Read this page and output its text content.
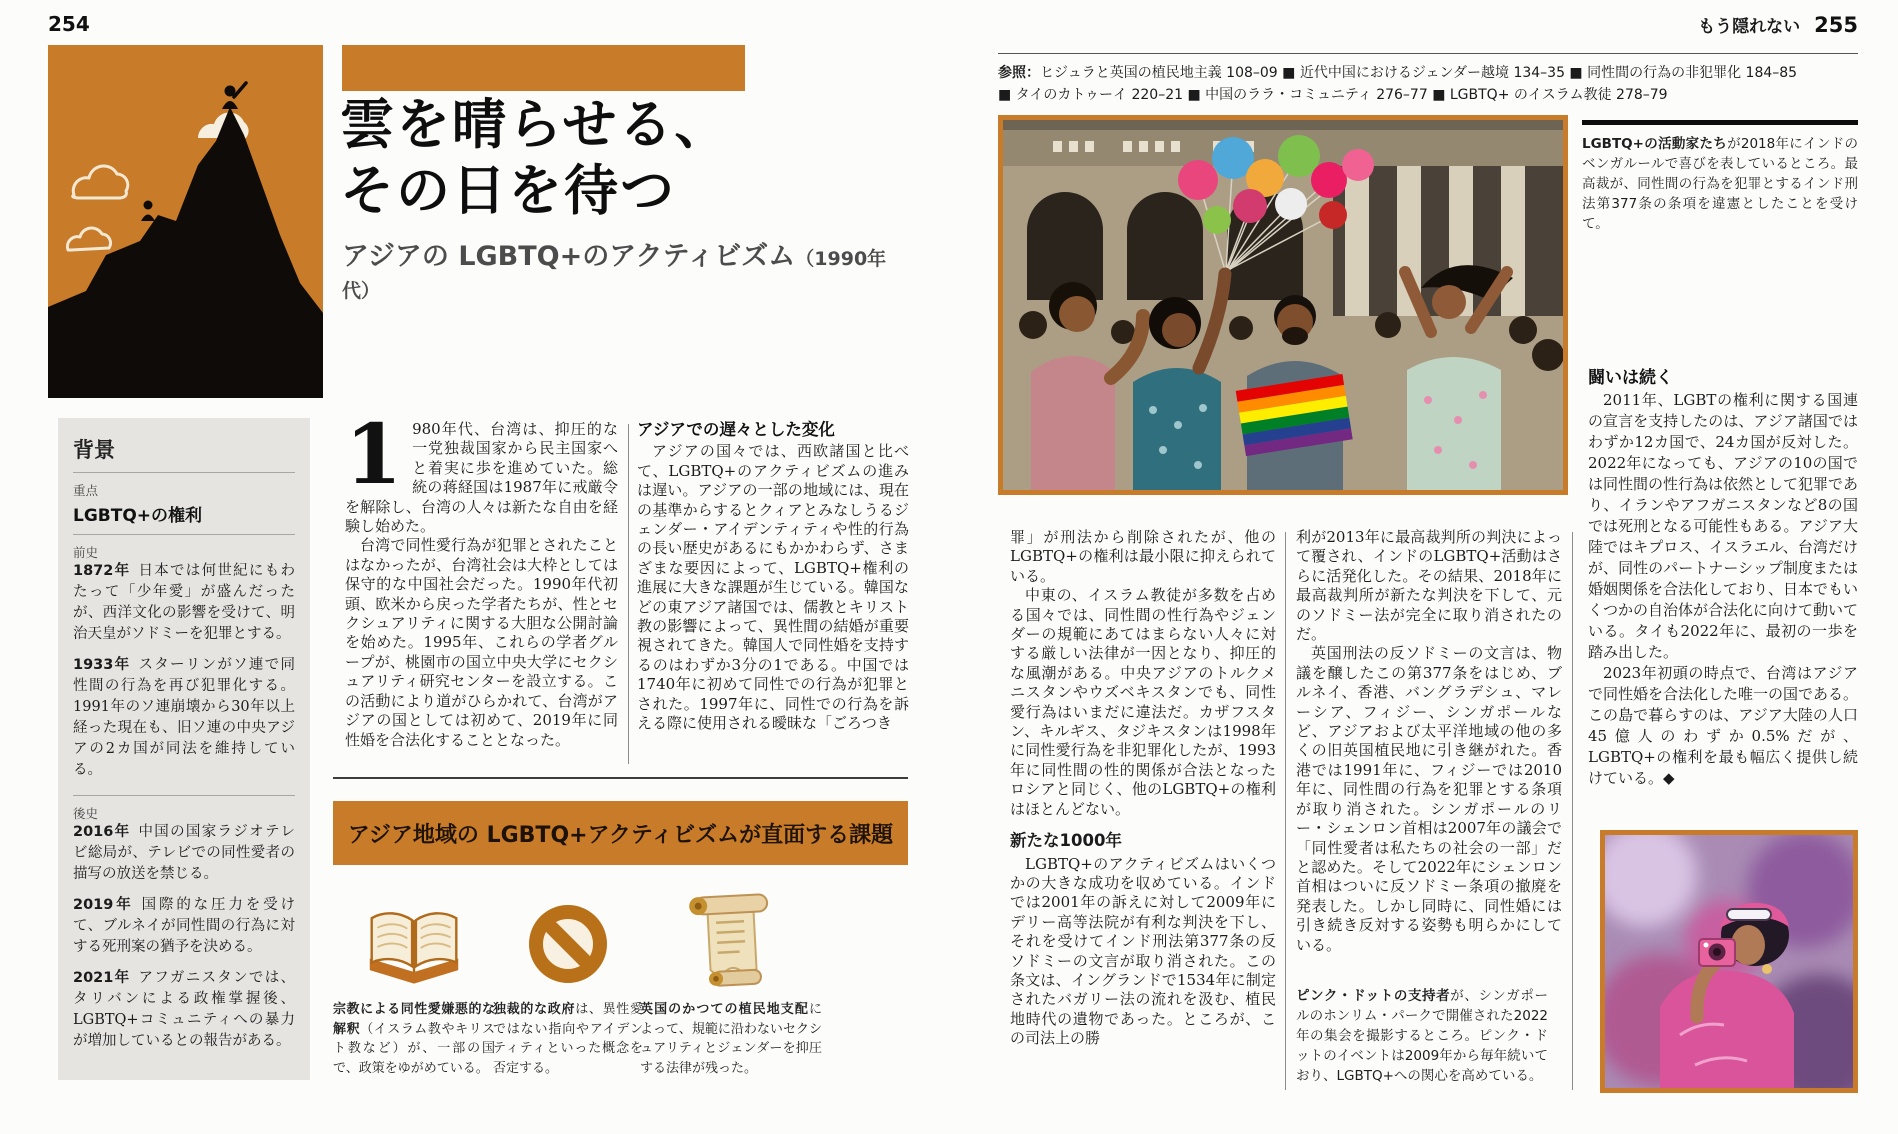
254
雲を晴らせる、
その日を待つ
アジアの LGBTQ+のアクティビズム（1990年代）
背景
重点
LGBTQ+の権利
前史

1872年 日本では何世紀にもわたって「少年愛」が盛んだったが、西洋文化の影響を受けて、明治天皇がソドミーを犯罪とする。

1933年 スターリンがソ連で同性間の行為を再び犯罪化する。1991年のソ連崩壊から30年以上経った現在も、旧ソ連の中央アジアの2カ国が同法を維持している。

後史

2016年 中国の国家ラジオテレビ総局が、テレビでの同性愛者の描写の放送を禁じる。

2019年 国際的な圧力を受けて、ブルネイが同性間の行為に対する死刑案の猶予を決める。

2021年 アフガニスタンでは、タリバンによる政権掌握後、LGBTQ+コミュニティへの暴力が増加しているとの報告がある。

1 980年代、台湾は、抑圧的な一党独裁国家から民主国家へと着実に歩を進めていた。総統の蒋経国は1987年に戒厳令を解除し、台湾の人々は新たな自由を経験し始めた。

台湾で同性愛行為が犯罪とされたことはなかったが、台湾社会は大枠としては保守的な中国社会だった。1990年代初頭、欧米から戻った学者たちが、性とセクシュアリティに関する大胆な公開討論を始めた。1995年、これらの学者グループが、桃園市の国立中央大学にセクシュアリティ研究センターを設立する。この活動により道がひらかれて、台湾がアジアの国としては初めて、2019年に同性婚を合法化することとなった。

アジアでの遅々とした変化

アジアの国々では、西欧諸国と比べて、LGBTQ+のアクティビズムの進みは遅い。アジアの一部の地域には、現在の基準からするとクィアとみなしうるジェンダー・アイデンティティや性的行為の長い歴史があるにもかかわらず、さまざまな要因によって、LGBTQ+権利の進展に大きな課題が生じている。韓国などの東アジア諸国では、儒教とキリスト教の影響によって、異性間の結婚が重要視されてきた。韓国人で同性婚を支持するのはわずか3分の1である。中国では1740年に初めて同性での行為が犯罪とされた。1997年に、同性での行為を訴える際に使用される曖昧な「ごろつき

アジア地域の LGBTQ+アクティビズムが直面する課題

宗教による同性愛嫌悪的な解釈（イスラム教やキリスト教など）が、一部の国で、政策をゆがめている。

独裁的な政府は、異性愛ではない指向やアイデンティティといった概念を否定する。

英国のかつての植民地支配によって、規範に沿わないセクシュアリティとジェンダーを抑圧する法律が残った。

もう隠れない 255
参照：ヒジュラと英国の植民地主義 108–09 ■ 近代中国におけるジェンダー越境 134–35 ■ 同性間の行為の非犯罪化 184–85
■ タイのカトゥーイ 220–21 ■ 中国のララ・コミュニティ 276–77 ■ LGBTQ+ のイスラム教徒 278–79

LGBTQ+の活動家たちが2018年にインドのベンガルールで喜びを表しているところ。最高裁が、同性間の行為を犯罪とするインド刑法第377条の条項を違憲としたことを受けて。

罪」が刑法から削除されたが、他のLGBTQ+の権利は最小限に抑えられている。

中東の、イスラム教徒が多数を占める国々では、同性間の性行為やジェンダーの規範にあてはまらない人々に対する厳しい法律が一因となり、抑圧的な風潮がある。中央アジアのトルクメニスタンやウズベキスタンでも、同性愛行為はいまだに違法だ。カザフスタン、キルギス、タジキスタンは1998年に同性愛行為を非犯罪化したが、1993年に同性間の性的関係が合法となったロシアと同じく、他のLGBTQ+の権利はほとんどない。

新たな1000年

LGBTQ+のアクティビズムはいくつかの大きな成功を収めている。インドでは2001年の訴えに対して2009年にデリー高等法院が有利な判決を下し、それを受けてインド刑法第377条の反ソドミーの文言が取り消された。この条文は、イングランドで1534年に制定されたバガリー法の流れを汲む、植民地時代の遺物であった。ところが、この司法上の勝

利が2013年に最高裁判所の判決によって覆され、インドのLGBTQ+活動はさらに活発化した。その結果、2018年に最高裁判所が新たな判決を下して、元のソドミー法が完全に取り消されたのだ。

英国刑法の反ソドミーの文言は、物議を醸したこの第377条をはじめ、ブルネイ、香港、バングラデシュ、マレーシア、フィジー、シンガポールなど、アジアおよび太平洋地域の他の多くの旧英国植民地に引き継がれた。香港では1991年に、フィジーでは2010年に、同性間の行為を犯罪とする条項が取り消された。シンガポールのリー・シェンロン首相は2007年の議会で「同性愛者は私たちの社会の一部」だと認めた。そして2022年にシェンロン首相はついに反ソドミー条項の撤廃を発表した。しかし同時に、同性婚には引き続き反対する姿勢も明らかにしている。

ピンク・ドットの支持者が、シンガポールのホンリム・パークで開催された2022年の集会を撮影するところ。ピンク・ドットのイベントは2009年から毎年続いており、LGBTQ+への関心を高めている。

闘いは続く

2011年、LGBTの権利に関する国連の宣言を支持したのは、アジア諸国ではわずか12カ国で、24カ国が反対した。2022年になっても、アジアの10の国では同性間の性行為は依然として犯罪であり、イランやアフガニスタンなど8の国では死刑となる可能性もある。アジア大陸ではキプロス、イスラエル、台湾だけが、同性のパートナーシップ制度または婚姻関係を合法化しており、日本でもいくつかの自治体が合法化に向けて動いている。タイも2022年に、最初の一歩を踏み出した。

2023年初頭の時点で、台湾はアジアで同性婚を合法化した唯一の国である。この島で暮らすのは、アジア大陸の人口45億人のわずか0.5%だが、LGBTQ+の権利を最も幅広く提供し続けている。◆
